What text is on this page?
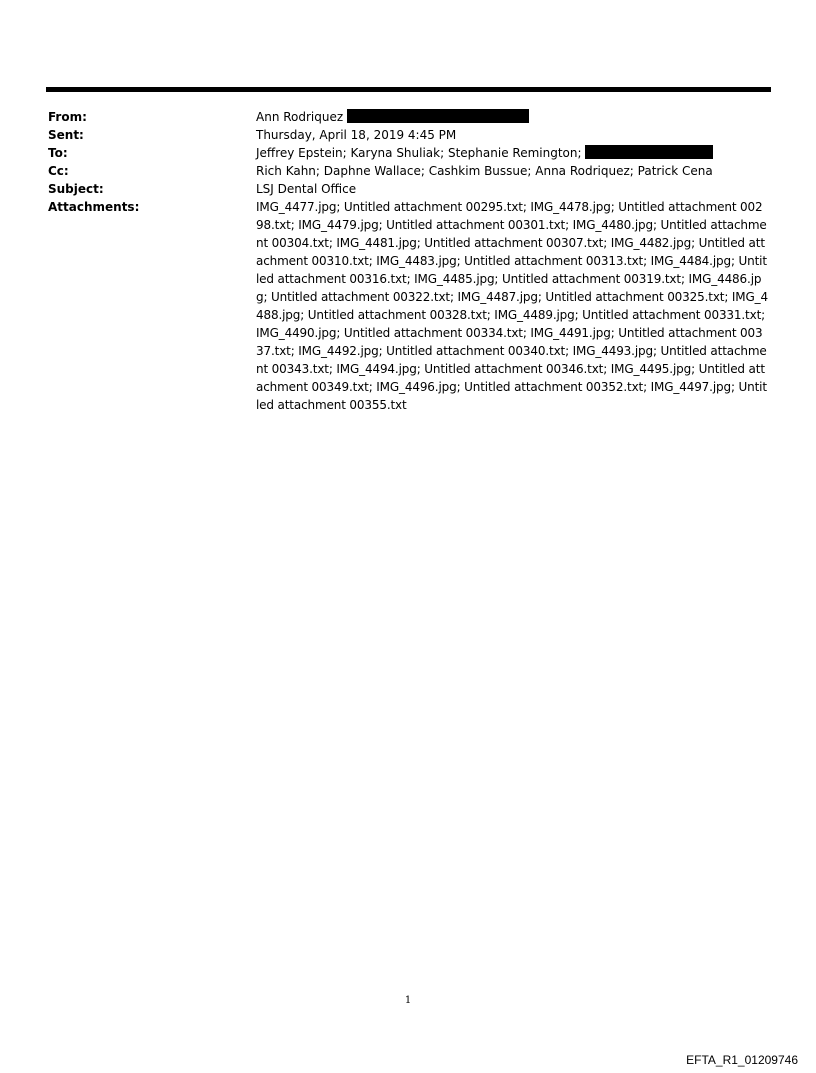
From:	Ann Rodriquez
Sent:	Thursday, April 18, 2019 4:45 PM
To:	Jeffrey Epstein; Karyna Shuliak; Stephanie Remington;
Cc:	Rich Kahn; Daphne Wallace; Cashkim Bussue; Anna Rodriquez; Patrick Cena
Subject:	LSJ Dental Office
Attachments:	IMG_4477.jpg; Untitled attachment 00295.txt; IMG_4478.jpg; Untitled attachment 00298.txt; IMG_4479.jpg; Untitled attachment 00301.txt; IMG_4480.jpg; Untitled attachment 00304.txt; IMG_4481.jpg; Untitled attachment 00307.txt; IMG_4482.jpg; Untitled attachment 00310.txt; IMG_4483.jpg; Untitled attachment 00313.txt; IMG_4484.jpg; Untitled attachment 00316.txt; IMG_4485.jpg; Untitled attachment 00319.txt; IMG_4486.jpg; Untitled attachment 00322.txt; IMG_4487.jpg; Untitled attachment 00325.txt; IMG_4488.jpg; Untitled attachment 00328.txt; IMG_4489.jpg; Untitled attachment 00331.txt; IMG_4490.jpg; Untitled attachment 00334.txt; IMG_4491.jpg; Untitled attachment 00337.txt; IMG_4492.jpg; Untitled attachment 00340.txt; IMG_4493.jpg; Untitled attachment 00343.txt; IMG_4494.jpg; Untitled attachment 00346.txt; IMG_4495.jpg; Untitled attachment 00349.txt; IMG_4496.jpg; Untitled attachment 00352.txt; IMG_4497.jpg; Untitled attachment 00355.txt
1
EFTA_R1_01209746
